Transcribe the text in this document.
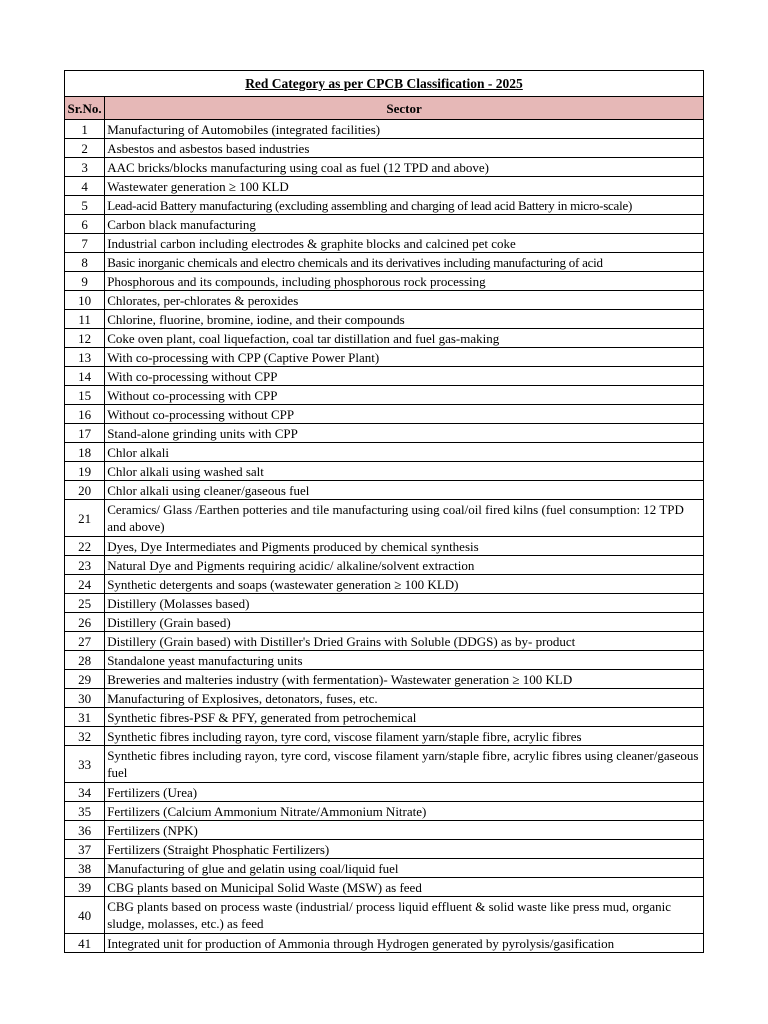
Red Category as per CPCB Classification - 2025	
Sr.No.	Sector
1	Manufacturing of Automobiles (integrated facilities)
2	Asbestos and asbestos based industries
3	AAC bricks/blocks manufacturing using coal as fuel (12 TPD and above)
4	Wastewater generation ≥ 100 KLD
5	Lead-acid Battery manufacturing (excluding assembling and charging of lead acid Battery in micro-scale)
6	Carbon black manufacturing
7	Industrial carbon including electrodes & graphite blocks and calcined pet coke
8	Basic inorganic chemicals and electro chemicals and its derivatives including manufacturing of acid
9	Phosphorous and its compounds, including phosphorous rock processing
10	Chlorates, per-chlorates & peroxides
11	Chlorine, fluorine, bromine, iodine, and their compounds
12	Coke oven plant, coal liquefaction, coal tar distillation and fuel gas-making
13	With co-processing with CPP (Captive Power Plant)
14	With co-processing without CPP
15	Without co-processing with CPP
16	Without co-processing without CPP
17	Stand-alone grinding units with CPP
18	Chlor alkali
19	Chlor alkali using washed salt
20	Chlor alkali using cleaner/gaseous fuel
21	Ceramics/ Glass /Earthen potteries and tile manufacturing using coal/oil fired kilns (fuel consumption: 12 TPD and above)
22	Dyes, Dye Intermediates and Pigments produced by chemical synthesis
23	Natural Dye and Pigments requiring acidic/ alkaline/solvent extraction
24	Synthetic detergents and soaps (wastewater generation ≥ 100 KLD)
25	Distillery (Molasses based)
26	Distillery (Grain based)
27	Distillery (Grain based) with Distiller's Dried Grains with Soluble (DDGS) as by- product
28	Standalone yeast manufacturing units
29	Breweries and malteries industry (with fermentation)- Wastewater generation ≥ 100 KLD
30	Manufacturing of Explosives, detonators, fuses, etc.
31	Synthetic fibres-PSF & PFY, generated from petrochemical
32	Synthetic fibres including rayon, tyre cord, viscose filament yarn/staple fibre, acrylic fibres
33	Synthetic fibres including rayon, tyre cord, viscose filament yarn/staple fibre, acrylic fibres using cleaner/gaseous fuel
34	Fertilizers (Urea)
35	Fertilizers (Calcium Ammonium Nitrate/Ammonium Nitrate)
36	Fertilizers (NPK)
37	Fertilizers (Straight Phosphatic Fertilizers)
38	Manufacturing of glue and gelatin using coal/liquid fuel
39	CBG plants based on Municipal Solid Waste (MSW) as feed
40	CBG plants based on process waste (industrial/ process liquid effluent & solid waste like press mud, organic sludge, molasses, etc.) as feed
41	Integrated unit for production of Ammonia through Hydrogen generated by pyrolysis/gasification
